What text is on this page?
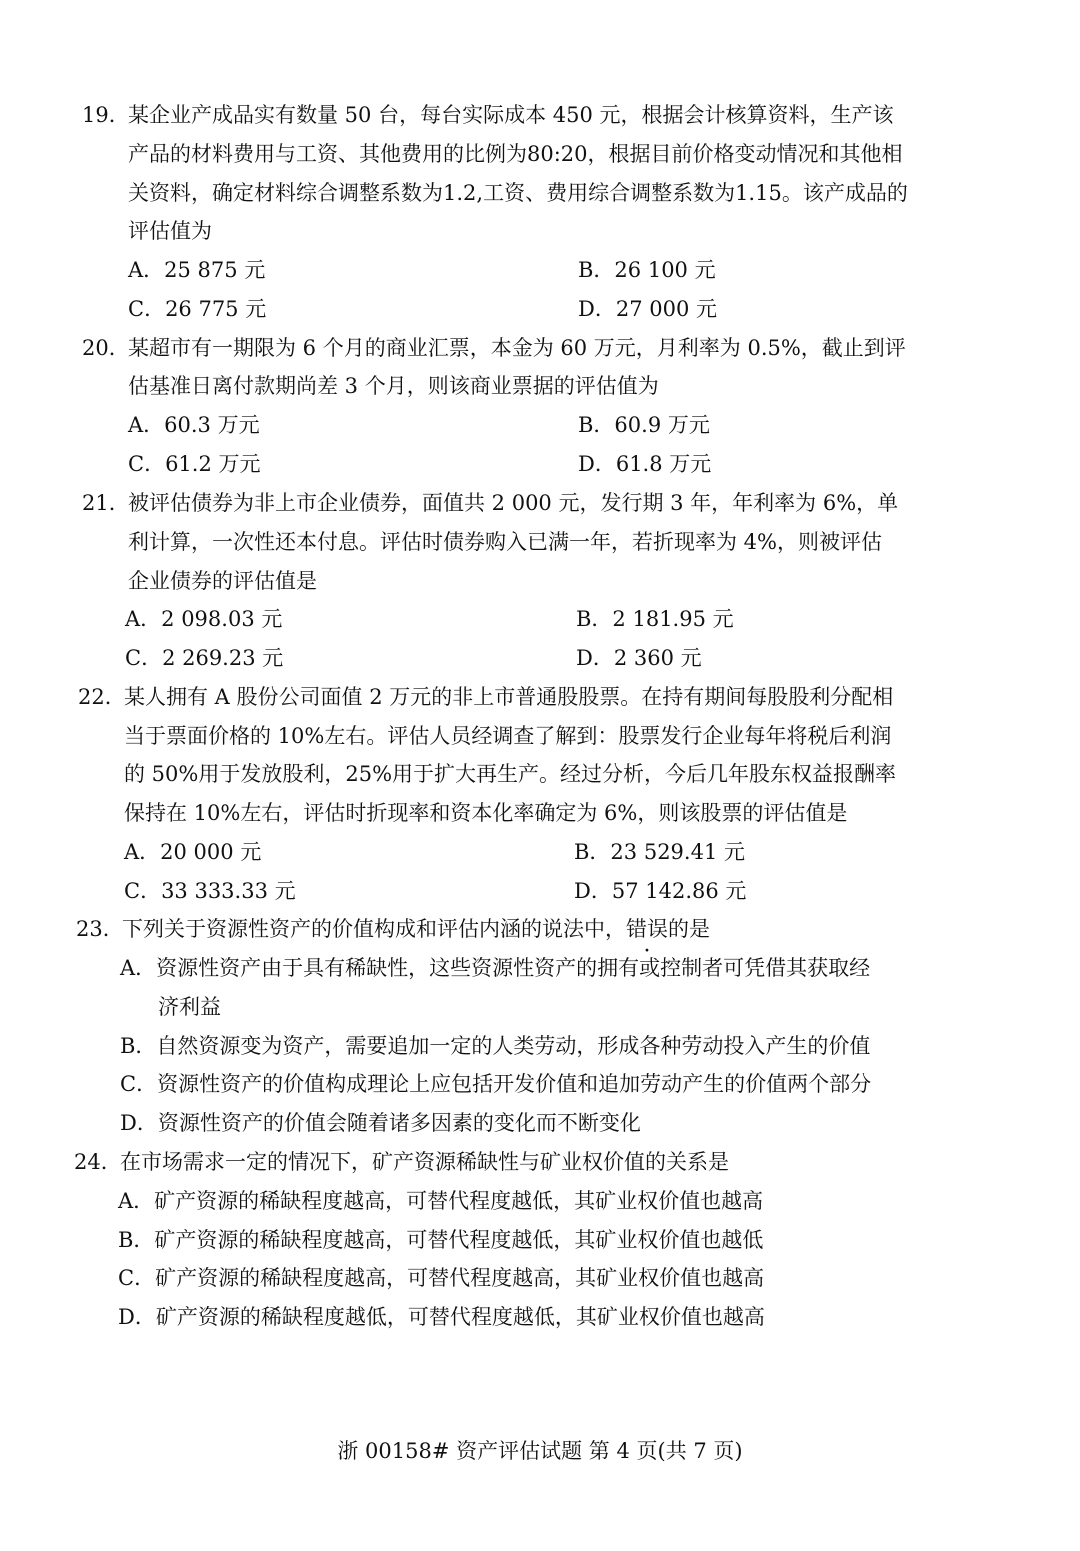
19．
某企业产成品实有数量 50 台，每台实际成本 450 元，根据会计核算资料，生产该
产品的材料费用与工资、其他费用的比例为80:20，根据目前价格变动情况和其他相
关资料，确定材料综合调整系数为1.2,工资、费用综合调整系数为1.15。该产成品的
评估值为
A．25 875 元	B．26 100 元
C．26 775 元	D．27 000 元
20．
某超市有一期限为 6 个月的商业汇票，本金为 60 万元，月利率为 0.5%，截止到评
估基准日离付款期尚差 3 个月，则该商业票据的评估值为
A．60.3 万元	B．60.9 万元
C．61.2 万元	D．61.8 万元
21．
被评估债券为非上市企业债券，面值共 2 000 元，发行期 3 年，年利率为 6%，单
利计算，一次性还本付息。评估时债券购入已满一年，若折现率为 4%，则被评估
企业债券的评估值是
A．2 098.03 元	B．2 181.95 元
C．2 269.23 元	D．2 360 元
22．
某人拥有 A 股份公司面值 2 万元的非上市普通股股票。在持有期间每股股利分配相
当于票面价格的 10%左右。评估人员经调查了解到：股票发行企业每年将税后利润
的 50%用于发放股利，25%用于扩大再生产。经过分析，今后几年股东权益报酬率
保持在 10%左右，评估时折现率和资本化率确定为 6%，则该股票的评估值是
A．20 000 元	B．23 529.41 元
C．33 333.33 元	D．57 142.86 元
23．
下列关于资源性资产的价值构成和评估内涵的说法中，错误的是
A．资源性资产由于具有稀缺性，这些资源性资产的拥有或控制者可凭借其获取经
济利益
B．自然资源变为资产，需要追加一定的人类劳动，形成各种劳动投入产生的价值
C．资源性资产的价值构成理论上应包括开发价值和追加劳动产生的价值两个部分
D．资源性资产的价值会随着诸多因素的变化而不断变化
24．
在市场需求一定的情况下，矿产资源稀缺性与矿业权价值的关系是
A．矿产资源的稀缺程度越高，可替代程度越低，其矿业权价值也越高
B．矿产资源的稀缺程度越高，可替代程度越低，其矿业权价值也越低
C．矿产资源的稀缺程度越高，可替代程度越高，其矿业权价值也越高
D．矿产资源的稀缺程度越低，可替代程度越低，其矿业权价值也越高
浙 00158# 资产评估试题 第 4 页(共 7 页)
